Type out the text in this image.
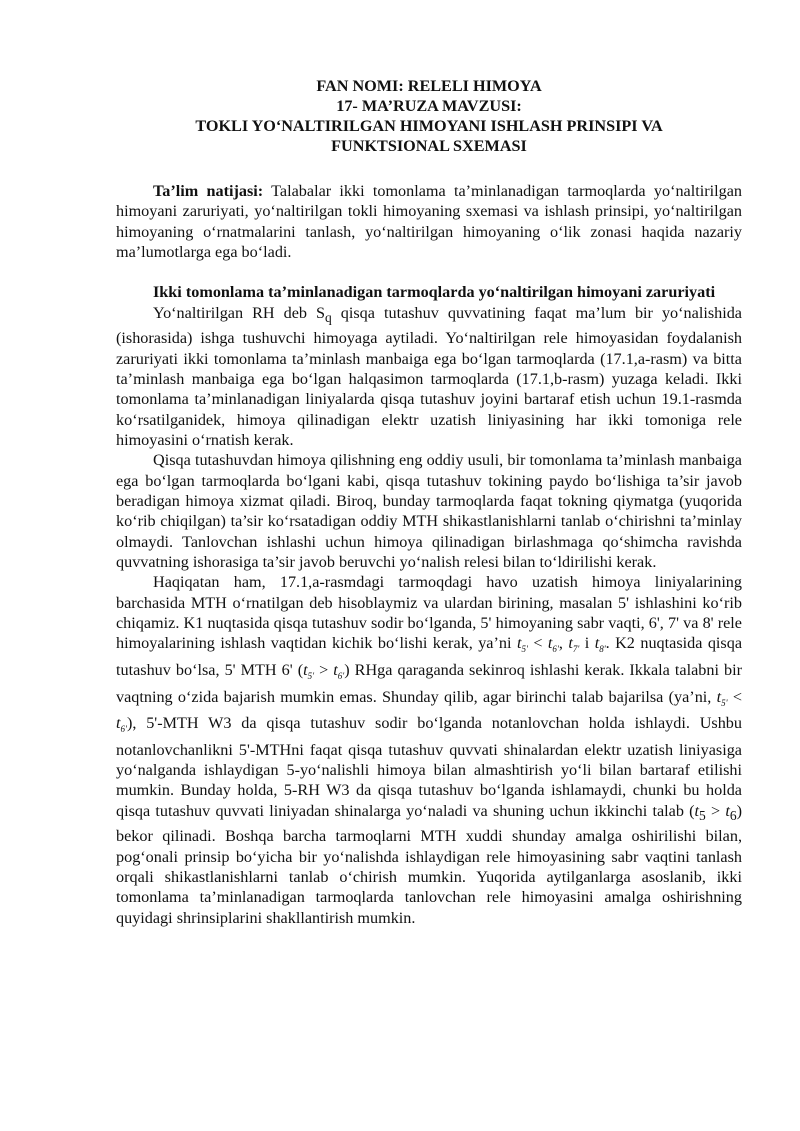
FAN NOMI: RELELI HIMOYA
17- MA’RUZA MAVZUSI:
TOKLI YO‘NALTIRILGAN HIMOYANI ISHLASH PRINSIPI VA
FUNKTSIONAL SXEMASI

Ta’lim natijasi: Talabalar ikki tomonlama ta’minlanadigan tarmoqlarda yo‘naltirilgan himoyani zaruriyati, yo‘naltirilgan tokli himoyaning sxemasi va ishlash prinsipi, yo‘naltirilgan himoyaning o‘rnatmalarini tanlash, yo‘naltirilgan himoyaning o‘lik zonasi haqida nazariy ma’lumotlarga ega bo‘ladi.

Ikki tomonlama ta’minlanadigan tarmoqlarda yo‘naltirilgan himoyani zaruriyati

Yo‘naltirilgan RH deb $S_q$ qisqa tutashuv quvvatining faqat ma’lum bir yo‘nalishida (ishorasida) ishga tushuvchi himoyaga aytiladi. Yo‘naltirilgan rele himoyasidan foydalanish zaruriyati ikki tomonlama ta’minlash manbaiga ega bo‘lgan tarmoqlarda (17.1,a-rasm) va bitta ta’minlash manbaiga ega bo‘lgan halqasimon tarmoqlarda (17.1,b-rasm) yuzaga keladi. Ikki tomonlama ta’minlanadigan liniyalarda qisqa tutashuv joyini bartaraf etish uchun 19.1-rasmda ko‘rsatilganidek, himoya qilinadigan elektr uzatish liniyasining har ikki tomoniga rele himoyasini o‘rnatish kerak.

Qisqa tutashuvdan himoya qilishning eng oddiy usuli, bir tomonlama ta’minlash manbaiga ega bo‘lgan tarmoqlarda bo‘lgani kabi, qisqa tutashuv tokining paydo bo‘lishiga ta’sir javob beradigan himoya xizmat qiladi. Biroq, bunday tarmoqlarda faqat tokning qiymatga (yuqorida ko‘rib chiqilgan) ta’sir ko‘rsatadigan oddiy MTH shikastlanishlarni tanlab o‘chirishni ta’minlay olmaydi. Tanlovchan ishlashi uchun himoya qilinadigan birlashmaga qo‘shimcha ravishda quvvatning ishorasiga ta’sir javob beruvchi yo‘nalish relesi bilan to‘ldirilishi kerak.

Haqiqatan ham, 17.1,a-rasmdagi tarmoqdagi havo uzatish himoya liniyalarining barchasida MTH o‘rnatilgan deb hisoblaymiz va ulardan birining, masalan 5' ishlashini ko‘rib chiqamiz. K1 nuqtasida qisqa tutashuv sodir bo‘lganda, 5' himoyaning sabr vaqti, 6', 7' va 8' rele himoyalarining ishlash vaqtidan kichik bo‘lishi kerak, ya’ni $t_{5'} < t_{6'}$, $t_{7'}$ i $t_{8'}$. K2 nuqtasida qisqa tutashuv bo‘lsa, 5' MTH 6' $(t_{5'} > t_{6'})$ RHga qaraganda sekinroq ishlashi kerak. Ikkala talabni bir vaqtning o‘zida bajarish mumkin emas. Shunday qilib, agar birinchi talab bajarilsa (ya’ni, $t_{5'} < t_{6'}$), 5'-MTH W3 da qisqa tutashuv sodir bo‘lganda notanlovchan holda ishlaydi. Ushbu notanlovchanlikni 5'-MTHni faqat qisqa tutashuv quvvati shinalardan elektr uzatish liniyasiga yo‘nalganda ishlaydigan 5-yo‘nalishli himoya bilan almashtirish yo‘li bilan bartaraf etilishi mumkin. Bunday holda, 5-RH W3 da qisqa tutashuv bo‘lganda ishlamaydi, chunki bu holda qisqa tutashuv quvvati liniyadan shinalarga yo‘naladi va shuning uchun ikkinchi talab $(t_5 > t_6)$ bekor qilinadi. Boshqa barcha tarmoqlarni MTH xuddi shunday amalga oshirilishi bilan, pog‘onali prinsip bo‘yicha bir yo‘nalishda ishlaydigan rele himoyasining sabr vaqtini tanlash orqali shikastlanishlarni tanlab o‘chirish mumkin. Yuqorida aytilganlarga asoslanib, ikki tomonlama ta’minlanadigan tarmoqlarda tanlovchan rele himoyasini amalga oshirishning quyidagi shrinsiplarini shakllantirish mumkin.
